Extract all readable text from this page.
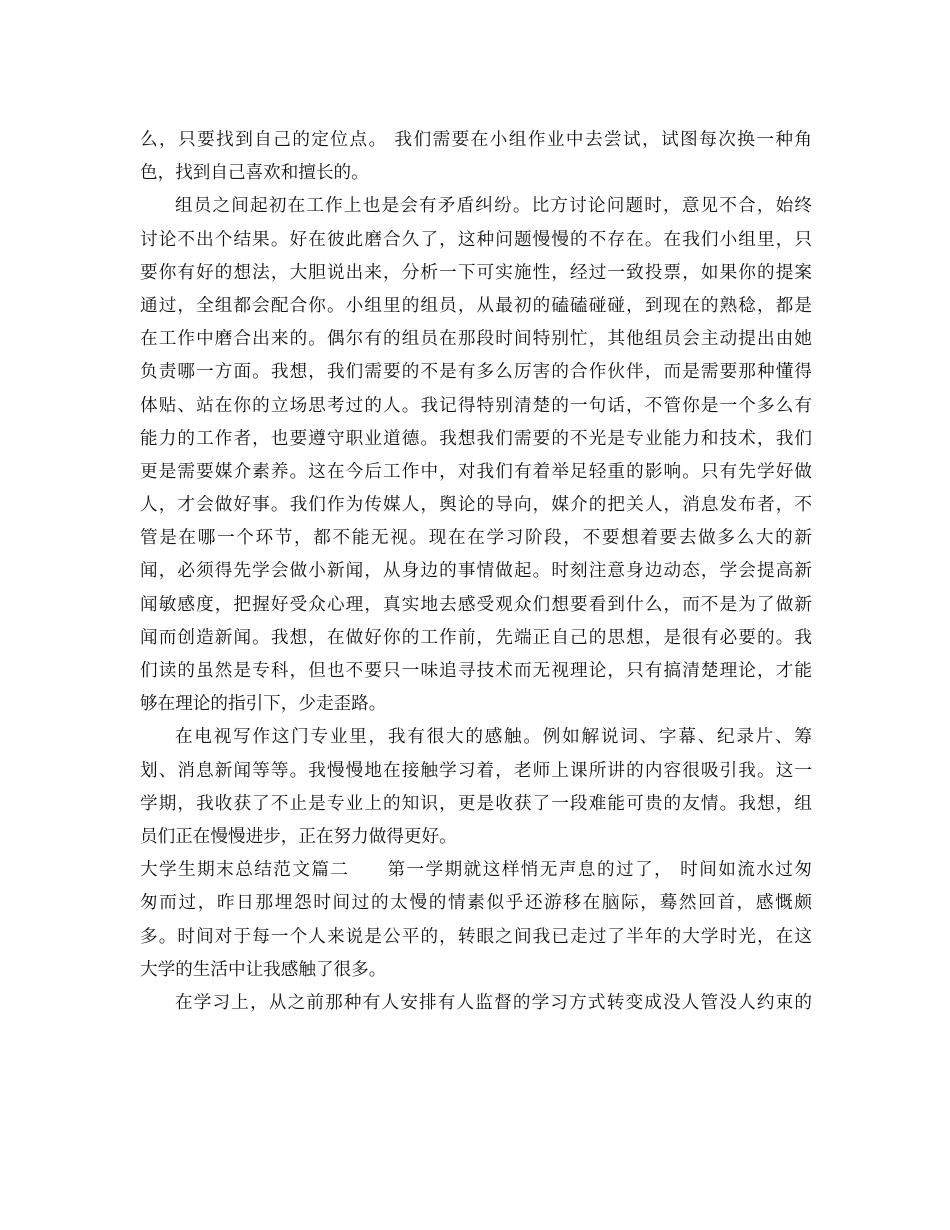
么，只要找到自己的定位点。 我们需要在小组作业中去尝试，试图每次换一种角
色，找到自己喜欢和擅长的。
组员之间起初在工作上也是会有矛盾纠纷。比方讨论问题时，意见不合，始终
讨论不出个结果。好在彼此磨合久了，这种问题慢慢的不存在。在我们小组里，只
要你有好的想法，大胆说出来，分析一下可实施性，经过一致投票，如果你的提案
通过，全组都会配合你。小组里的组员，从最初的磕磕碰碰，到现在的熟稔，都是
在工作中磨合出来的。偶尔有的组员在那段时间特别忙，其他组员会主动提出由她
负责哪一方面。我想，我们需要的不是有多么厉害的合作伙伴，而是需要那种懂得
体贴、站在你的立场思考过的人。我记得特别清楚的一句话，不管你是一个多么有
能力的工作者，也要遵守职业道德。我想我们需要的不光是专业能力和技术，我们
更是需要媒介素养。这在今后工作中，对我们有着举足轻重的影响。只有先学好做
人，才会做好事。我们作为传媒人，舆论的导向，媒介的把关人，消息发布者，不
管是在哪一个环节，都不能无视。现在在学习阶段，不要想着要去做多么大的新
闻，必须得先学会做小新闻，从身边的事情做起。时刻注意身边动态，学会提高新
闻敏感度，把握好受众心理，真实地去感受观众们想要看到什么，而不是为了做新
闻而创造新闻。我想，在做好你的工作前，先端正自己的思想，是很有必要的。我
们读的虽然是专科，但也不要只一味追寻技术而无视理论，只有搞清楚理论，才能
够在理论的指引下，少走歪路。
在电视写作这门专业里，我有很大的感触。例如解说词、字幕、纪录片、筹
划、消息新闻等等。我慢慢地在接触学习着，老师上课所讲的内容很吸引我。这一
学期，我收获了不止是专业上的知识，更是收获了一段难能可贵的友情。我想，组
员们正在慢慢进步，正在努力做得更好。
大学生期末总结范文篇二　　第一学期就这样悄无声息的过了， 时间如流水过匆
匆而过，昨日那埋怨时间过的太慢的情素似乎还游移在脑际，蓦然回首，感慨颇
多。时间对于每一个人来说是公平的，转眼之间我已走过了半年的大学时光，在这
大学的生活中让我感触了很多。
在学习上，从之前那种有人安排有人监督的学习方式转变成没人管没人约束的
